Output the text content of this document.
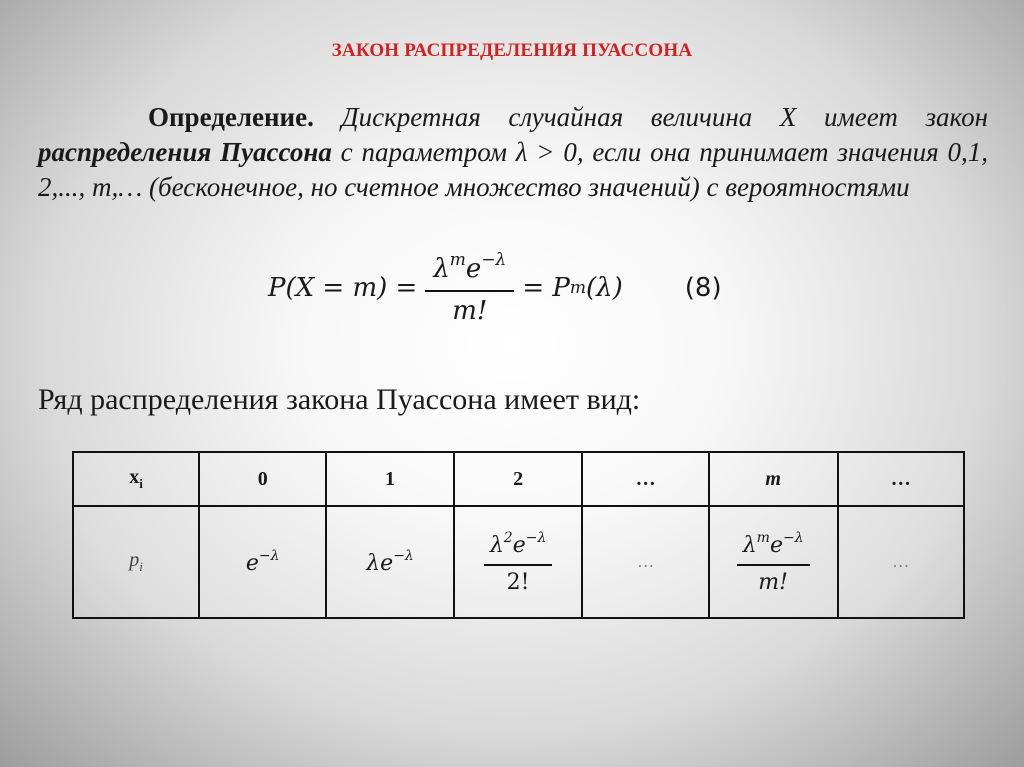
ЗАКОН РАСПРЕДЕЛЕНИЯ ПУАССОНА
Определение. Дискретная случайная величина X имеет закон распределения Пуассона с параметром λ > 0, если она принимает значения 0,1, 2,..., m,… (бесконечное, но счетное множество значений) с вероятностями
$P(X = m) = \frac{\lambda^me^{-\lambda}}{m!} = P$ m (λ) (8)
Ряд распределения закона Пуассона имеет вид:
$x_i$	0	1	2	…	m	…
$p_i$	$e^{-\lambda}$	$\lambda e^{-\lambda}$	$\frac{\lambda^2e^{-\lambda}}{2!}$	…	$\frac{\lambda^me^{-\lambda}}{m!}$	…
